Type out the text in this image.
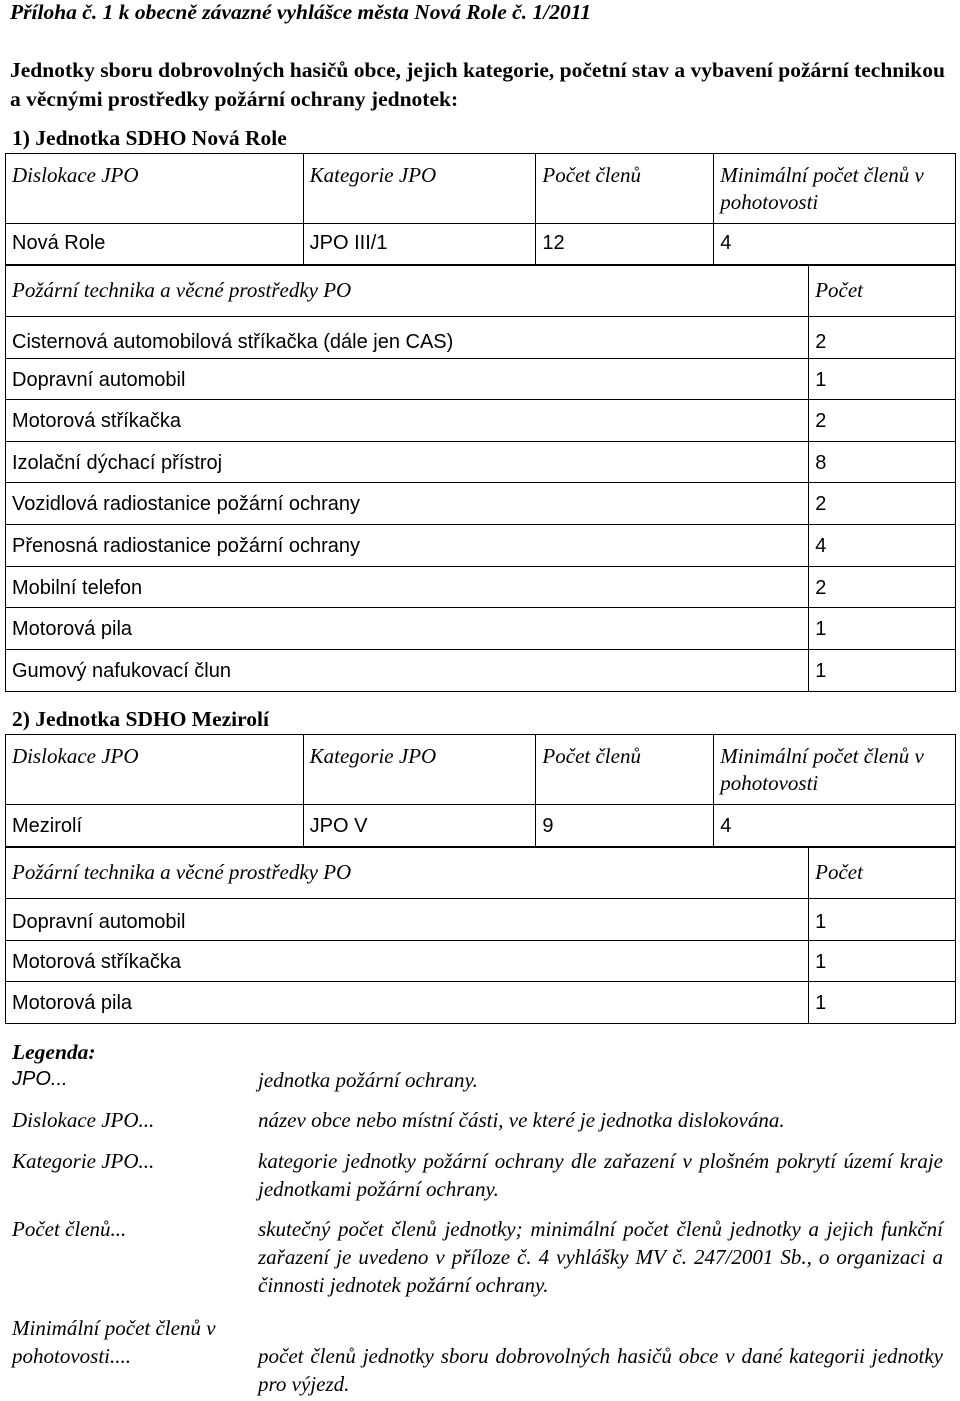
Příloha č. 1 k obecně závazné vyhlášce města Nová Role č. 1/2011
Jednotky sboru dobrovolných hasičů obce, jejich kategorie, početní stav a vybavení požární technikou a věcnými prostředky požární ochrany jednotek:
1) Jednotka SDHO Nová Role
Dislokace JPO	Kategorie JPO	Počet členů	Minimální počet členů v pohotovosti
Nová Role	JPO III/1	12	4
Požární technika a věcné prostředky PO	Počet
Cisternová automobilová stříkačka (dále jen CAS)	2
Dopravní automobil	1
Motorová stříkačka	2
Izolační dýchací přístroj	8
Vozidlová radiostanice požární ochrany	2
Přenosná radiostanice požární ochrany	4
Mobilní telefon	2
Motorová pila	1
Gumový nafukovací člun	1
2) Jednotka SDHO Mezirolí
Dislokace JPO	Kategorie JPO	Počet členů	Minimální počet členů v pohotovosti
Mezirolí	JPO V	9	4
Požární technika a věcné prostředky PO	Počet
Dopravní automobil	1
Motorová stříkačka	1
Motorová pila	1
Legenda:
JPO...	jednotka požární ochrany.
Dislokace JPO...	název obce nebo místní části, ve které je jednotka dislokována.
Kategorie JPO...	kategorie jednotky požární ochrany dle zařazení v plošném pokrytí území kraje jednotkami požární ochrany.
Počet členů...	skutečný počet členů jednotky; minimální počet členů jednotky a jejich funkční zařazení je uvedeno v příloze č. 4 vyhlášky MV č. 247/2001 Sb., o organizaci a činnosti jednotek požární ochrany.
Minimální počet členů v pohotovosti....	počet členů jednotky sboru dobrovolných hasičů obce v dané kategorii jednotky pro výjezd.
